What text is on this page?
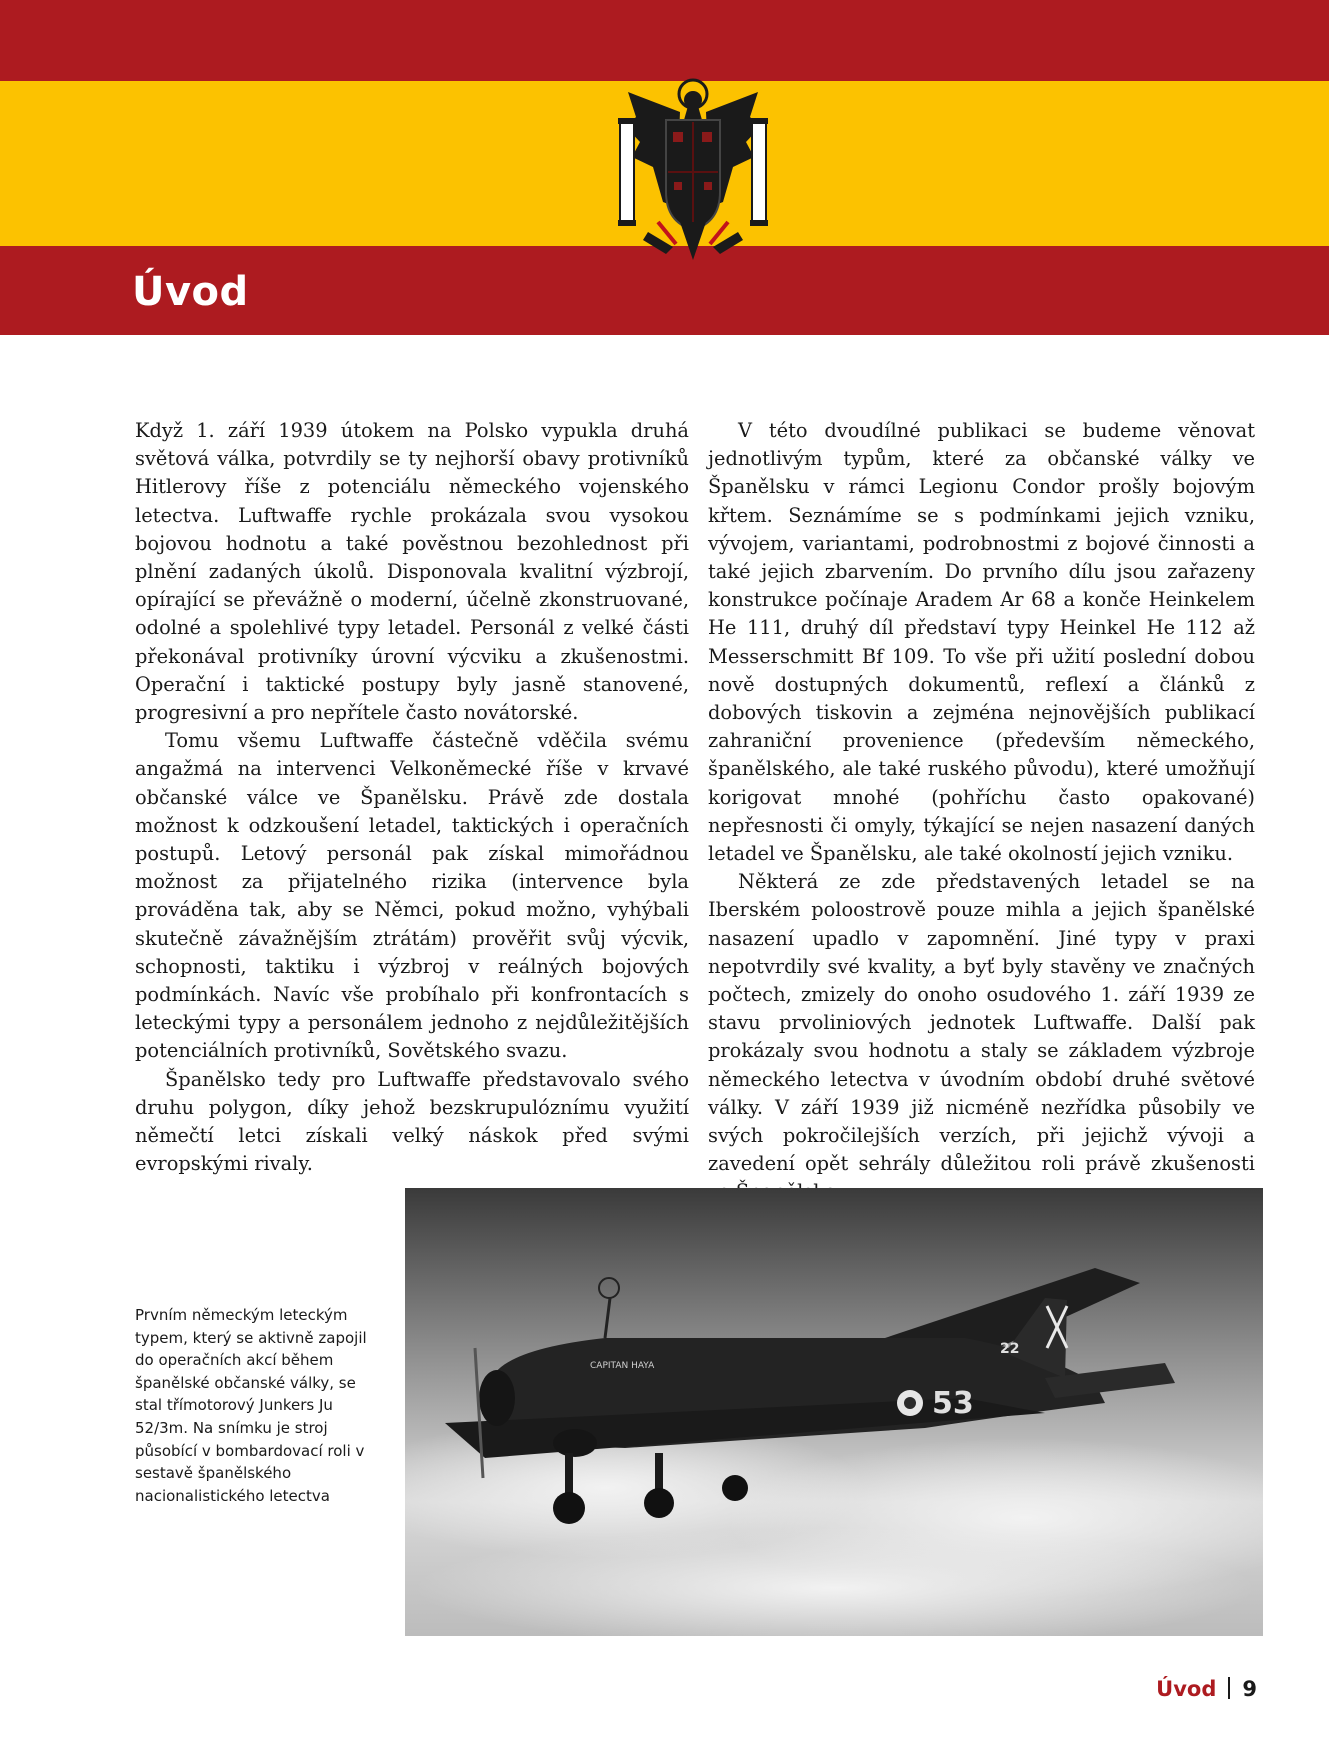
Úvod

Když 1. září 1939 útokem na Polsko vypukla druhá světová válka, potvrdily se ty nejhorší obavy protivníků Hitlerovy říše z potenciálu německého vojenského letectva. Luftwaffe rychle prokázala svou vysokou bojovou hodnotu a také pověstnou bezohlednost při plnění zadaných úkolů. Disponovala kvalitní výzbrojí, opírající se převážně o moderní, účelně zkonstruované, odolné a spolehlivé typy letadel. Personál z velké části překonával protivníky úrovní výcviku a zkušenostmi. Operační i taktické postupy byly jasně stanovené, progresivní a pro nepřítele často novátorské.

Tomu všemu Luftwaffe částečně vděčila svému angažmá na intervenci Velkoněmecké říše v krvavé občanské válce ve Španělsku. Právě zde dostala možnost k odzkoušení letadel, taktických i operačních postupů. Letový personál pak získal mimořádnou možnost za přijatelného rizika (intervence byla prováděna tak, aby se Němci, pokud možno, vyhýbali skutečně závažnějším ztrátám) prověřit svůj výcvik, schopnosti, taktiku i výzbroj v reálných bojových podmínkách. Navíc vše probíhalo při konfrontacích s leteckými typy a personálem jednoho z nejdůležitějších potenciálních protivníků, Sovětského svazu.

Španělsko tedy pro Luftwaffe představovalo svého druhu polygon, díky jehož bezskrupulóznímu využití němečtí letci získali velký náskok před svými evropskými rivaly.

V této dvoudílné publikaci se budeme věnovat jednotlivým typům, které za občanské války ve Španělsku v rámci Legionu Condor prošly bojovým křtem. Seznámíme se s podmínkami jejich vzniku, vývojem, variantami, podrobnostmi z bojové činnosti a také jejich zbarvením. Do prvního dílu jsou zařazeny konstrukce počínaje Aradem Ar 68 a konče Heinkelem He 111, druhý díl představí typy Heinkel He 112 až Messerschmitt Bf 109. To vše při užití poslední dobou nově dostupných dokumentů, reflexí a článků z dobových tiskovin a zejména nejnovějších publikací zahraniční provenience (především německého, španělského, ale také ruského původu), které umožňují korigovat mnohé (pohříchu často opakované) nepřesnosti či omyly, týkající se nejen nasazení daných letadel ve Španělsku, ale také okolností jejich vzniku.

Některá ze zde představených letadel se na Iberském poloostrově pouze mihla a jejich španělské nasazení upadlo v zapomnění. Jiné typy v praxi nepotvrdily své kvality, a byť byly stavěny ve značných počtech, zmizely do onoho osudového 1. září 1939 ze stavu prvoliniových jednotek Luftwaffe. Další pak prokázaly svou hodnotu a staly se základem výzbroje německého letectva v úvodním období druhé světové války. V září 1939 již nicméně nezřídka působily ve svých pokročilejších verzích, při jejichž vývoji a zavedení opět sehrály důležitou roli právě zkušenosti

53
22
CAPITAN HAYA

Prvním německým leteckým typem, který se aktivně zapojil do operačních akcí během španělské občanské války, se stal třímotorový Junkers Ju 52/3m. Na snímku je stroj působící v bombardovací roli v sestavě španělského nacionalistického letectva

Úvod 9
